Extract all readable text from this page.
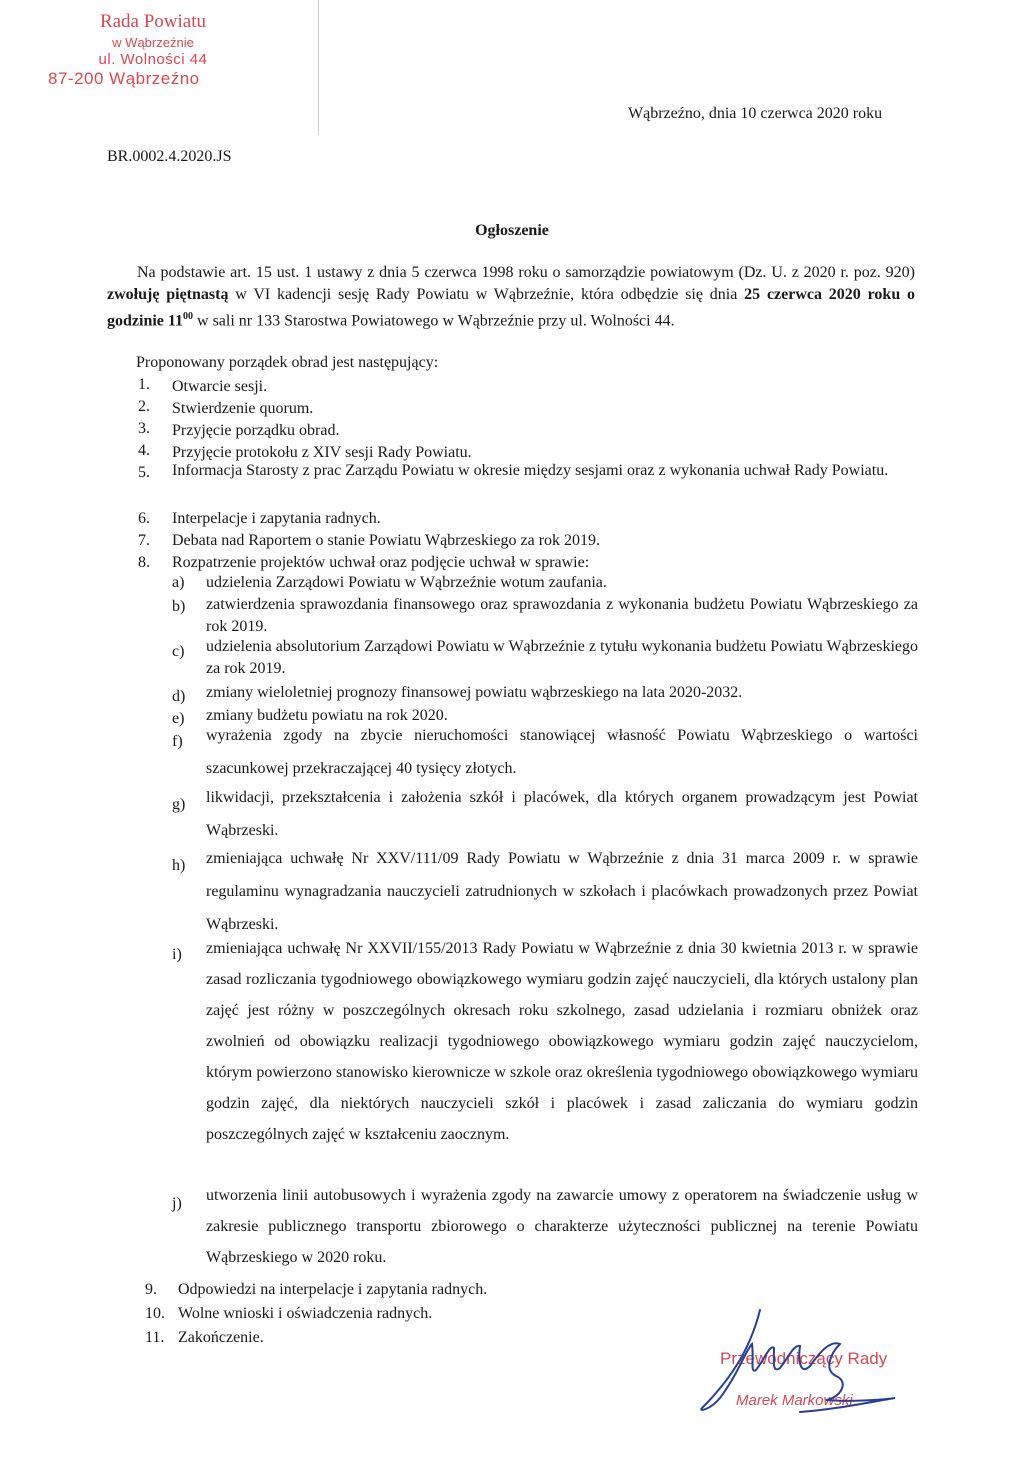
Rada Powiatu
w Wąbrzeźnie
ul. Wolności 44
87-200 Wąbrzeźno
Wąbrzeźno, dnia 10 czerwca 2020 roku
BR.0002.4.2020.JS
Ogłoszenie

Na podstawie art. 15 ust. 1 ustawy z dnia 5 czerwca 1998 roku o samorządzie powiatowym (Dz. U. z 2020 r. poz. 920) zwołuję piętnastą w VI kadencji sesję Rady Powiatu w Wąbrzeźnie, która odbędzie się dnia 25 czerwca 2020 roku o godzinie $11^{00}$ w sali nr 133 Starostwa Powiatowego w Wąbrzeźnie przy ul. Wolności 44.

Proponowany porządek obrad jest następujący:
1. Otwarcie sesji.
2. Stwierdzenie quorum.
3. Przyjęcie porządku obrad.
4. Przyjęcie protokołu z XIV sesji Rady Powiatu.
5. Informacja Starosty z prac Zarządu Powiatu w okresie między sesjami oraz z wykonania uchwał Rady Powiatu.
6. Interpelacje i zapytania radnych.
7. Debata nad Raportem o stanie Powiatu Wąbrzeskiego za rok 2019.
8. Rozpatrzenie projektów uchwał oraz podjęcie uchwał w sprawie:
a) udzielenia Zarządowi Powiatu w Wąbrzeźnie wotum zaufania.
b) zatwierdzenia sprawozdania finansowego oraz sprawozdania z wykonania budżetu Powiatu Wąbrzeskiego za rok 2019.
c) udzielenia absolutorium Zarządowi Powiatu w Wąbrzeźnie z tytułu wykonania budżetu Powiatu Wąbrzeskiego za rok 2019.
d) zmiany wieloletniej prognozy finansowej powiatu wąbrzeskiego na lata 2020-2032.
e) zmiany budżetu powiatu na rok 2020.
f) wyrażenia zgody na zbycie nieruchomości stanowiącej własność Powiatu Wąbrzeskiego o wartości szacunkowej przekraczającej 40 tysięcy złotych.
g) likwidacji, przekształcenia i założenia szkół i placówek, dla których organem prowadzącym jest Powiat Wąbrzeski.
h) zmieniająca uchwałę Nr XXV/111/09 Rady Powiatu w Wąbrzeźnie z dnia 31 marca 2009 r. w sprawie regulaminu wynagradzania nauczycieli zatrudnionych w szkołach i placówkach prowadzonych przez Powiat Wąbrzeski.
i) zmieniająca uchwałę Nr XXVII/155/2013 Rady Powiatu w Wąbrzeźnie z dnia 30 kwietnia 2013 r. w sprawie zasad rozliczania tygodniowego obowiązkowego wymiaru godzin zajęć nauczycieli, dla których ustalony plan zajęć jest różny w poszczególnych okresach roku szkolnego, zasad udzielania i rozmiaru obniżek oraz zwolnień od obowiązku realizacji tygodniowego obowiązkowego wymiaru godzin zajęć nauczycielom, którym powierzono stanowisko kierownicze w szkole oraz określenia tygodniowego obowiązkowego wymiaru godzin zajęć, dla niektórych nauczycieli szkół i placówek i zasad zaliczania do wymiaru godzin poszczególnych zajęć w kształceniu zaocznym.
j) utworzenia linii autobusowych i wyrażenia zgody na zawarcie umowy z operatorem na świadczenie usług w zakresie publicznego transportu zbiorowego o charakterze użyteczności publicznej na terenie Powiatu Wąbrzeskiego w 2020 roku.
9. Odpowiedzi na interpelacje i zapytania radnych.
10. Wolne wnioski i oświadczenia radnych.
11. Zakończenie.
Przewodniczący Rady
Marek Markowski
